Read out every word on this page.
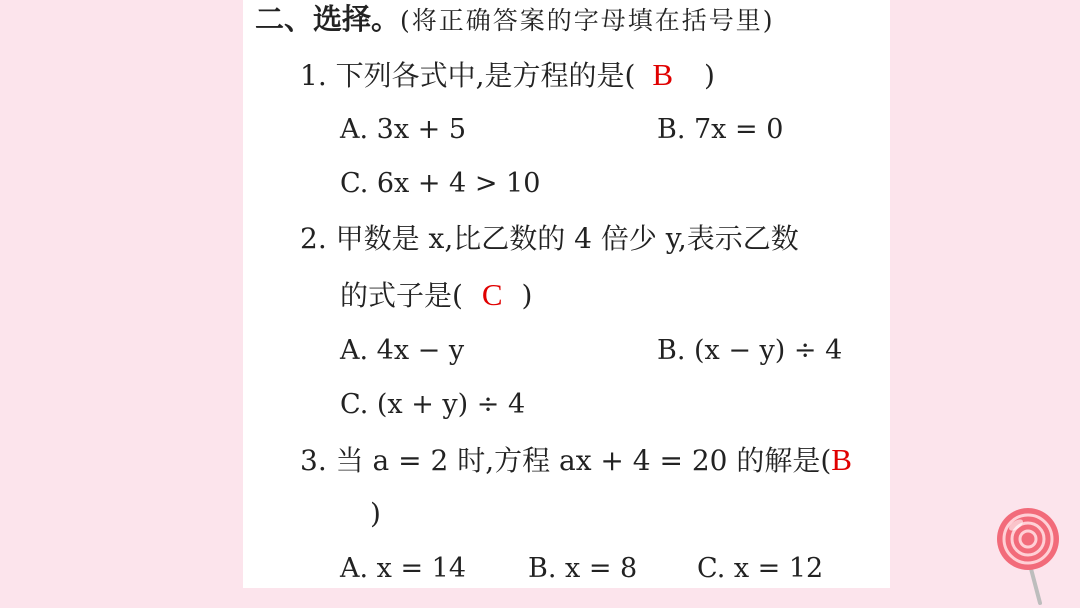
二、选择。(将正确答案的字母填在括号里)
1. 下列各式中,是方程的是( B )
A. 3x + 5	B. 7x = 0
C. 6x + 4 > 10
2. 甲数是 x,比乙数的 4 倍少 y,表示乙数
的式子是( C )
A. 4x − y	B. (x − y) ÷ 4
C. (x + y) ÷ 4
3. 当 a = 2 时,方程 ax + 4 = 20 的解是(B
)
A. x = 14 B. x = 8 C. x = 12
